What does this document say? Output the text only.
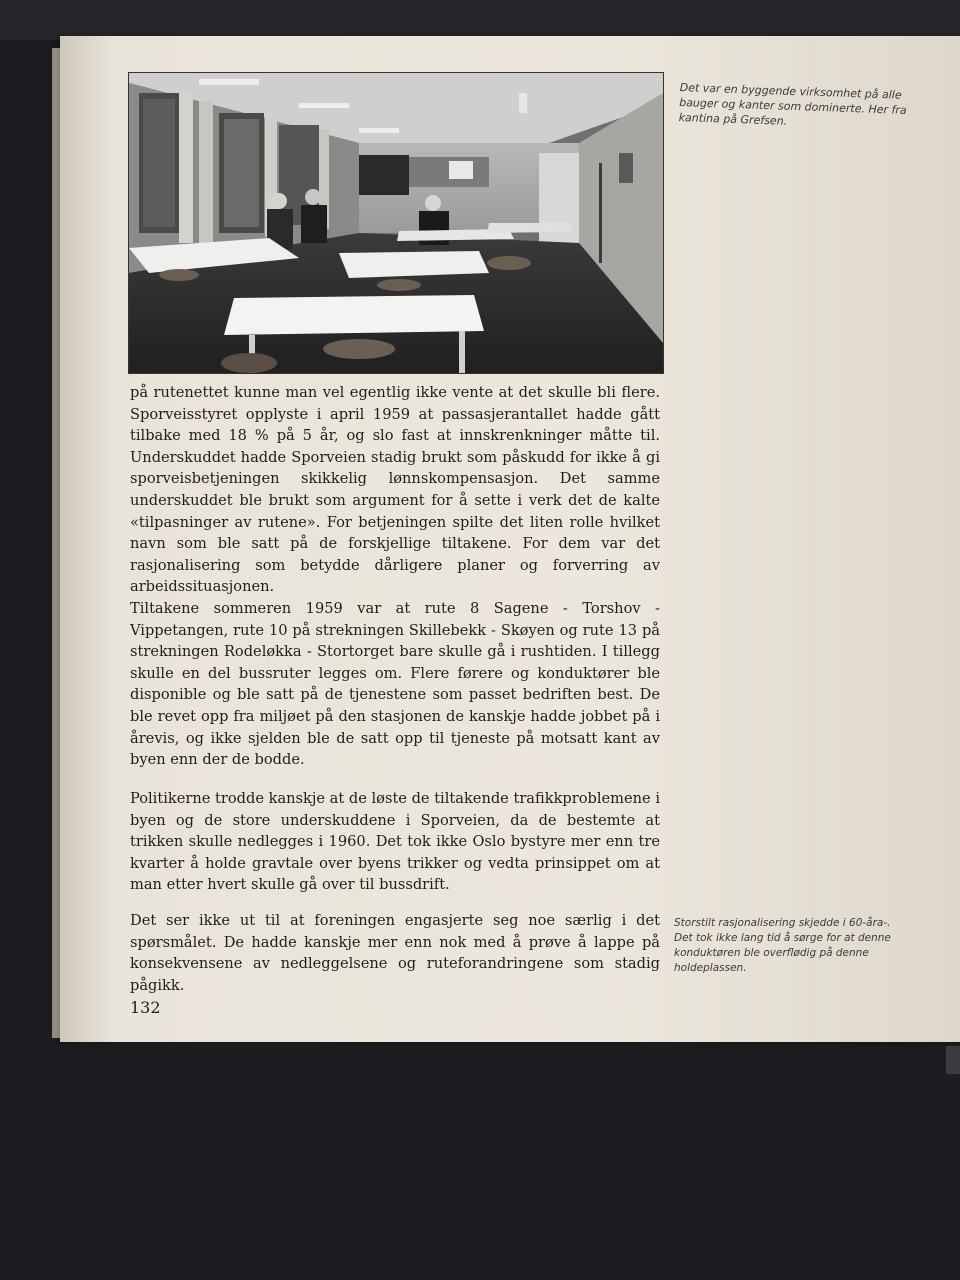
Det var en byggende virksomhet på alle bauger og kanter som dominerte. Her fra kantina på Grefsen.
på rutenettet kunne man vel egentlig ikke vente at det skulle bli flere. Sporveisstyret opplyste i april 1959 at passasjerantallet hadde gått tilbake med 18 % på 5 år, og slo fast at innskrenkninger måtte til. Underskuddet hadde Sporveien stadig brukt som påskudd for ikke å gi sporveisbetjeningen skikkelig lønnskompensasjon. Det samme underskuddet ble brukt som argument for å sette i verk det de kalte «tilpasninger av rutene». For betjeningen spilte det liten rolle hvilket navn som ble satt på de forskjellige tiltakene. For dem var det rasjonalisering som betydde dårligere planer og forverring av arbeidssituasjonen.
Tiltakene sommeren 1959 var at rute 8 Sagene - Torshov - Vippetangen, rute 10 på strekningen Skillebekk - Skøyen og rute 13 på strekningen Rodeløkka - Stortorget bare skulle gå i rushtiden. I tillegg skulle en del bussruter legges om. Flere førere og konduktører ble disponible og ble satt på de tjenestene som passet bedriften best. De ble revet opp fra miljøet på den stasjonen de kanskje hadde jobbet på i årevis, og ikke sjelden ble de satt opp til tjeneste på motsatt kant av byen enn der de bodde.
Politikerne trodde kanskje at de løste de tiltakende trafikkproblemene i byen og de store underskuddene i Sporveien, da de bestemte at trikken skulle nedlegges i 1960. Det tok ikke Oslo bystyre mer enn tre kvarter å holde gravtale over byens trikker og vedta prinsippet om at man etter hvert skulle gå over til bussdrift.
Det ser ikke ut til at foreningen engasjerte seg noe særlig i det spørsmålet. De hadde kanskje mer enn nok med å prøve å lappe på konsekvensene av nedleggelsene og ruteforandringene som stadig pågikk.
Storstilt rasjonalisering skjedde i 60-åra-. Det tok ikke lang tid å sørge for at denne konduktøren ble overflødig på denne holdeplassen.
132
